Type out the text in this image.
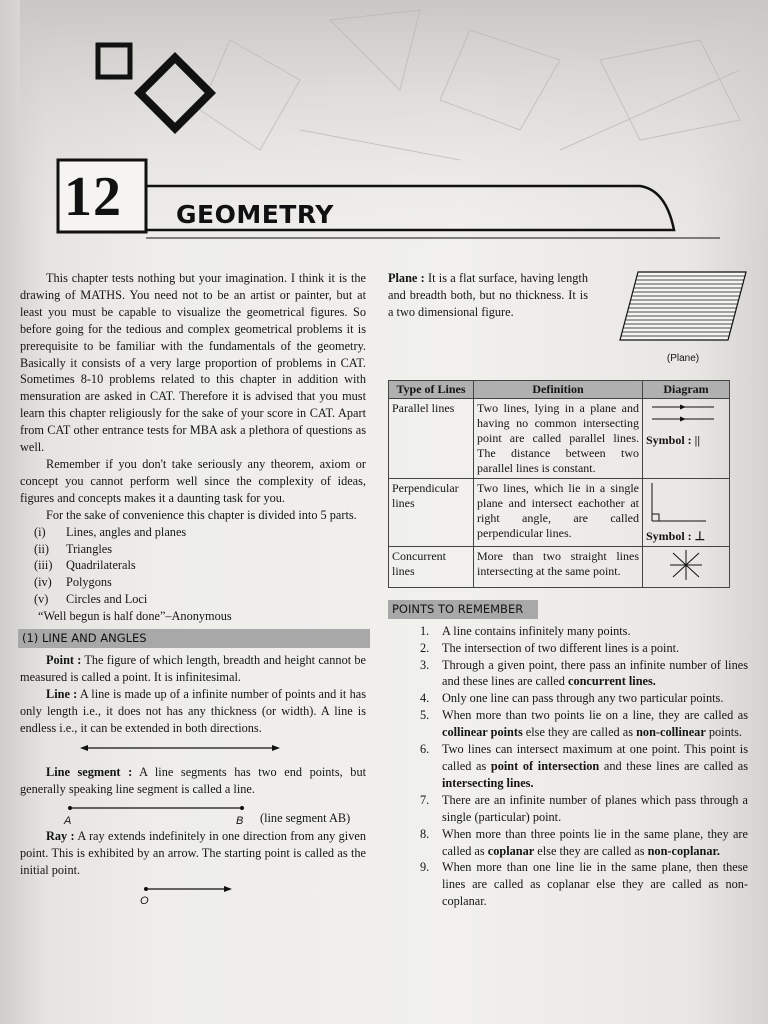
12 GEOMETRY

This chapter tests nothing but your imagination. I think it is the drawing of MATHS. You need not to be an artist or painter, but at least you must be capable to visualize the geometrical figures. So before going for the tedious and complex geometrical problems it is prerequisite to be familiar with the fundamentals of the geometry. Basically it consists of a very large proportion of problems in CAT. Sometimes 8-10 problems related to this chapter in addition with mensuration are asked in CAT. Therefore it is advised that you must learn this chapter religiously for the sake of your score in CAT. Apart from CAT other entrance tests for MBA ask a plethora of questions as well.

Remember if you don't take seriously any theorem, axiom or concept you cannot perform well since the complexity of ideas, figures and concepts makes it a daunting task for you.

For the sake of convenience this chapter is divided into 5 parts.

(i)	Lines, angles and planes
(ii)	Triangles
(iii) Quadrilaterals
(iv)	Polygons
(v)	Circles and Loci
“Well begun is half done”–Anonymous
(1) LINE AND ANGLES

Point : The figure of which length, breadth and height cannot be measured is called a point. It is infinitesimal.

Line : A line is made up of a infinite number of points and it has only length i.e., it does not has any thickness (or width). A line is endless i.e., it can be extended in both directions.

Line segment : A line segments has two end points, but generally speaking line segment is called a line.

A	B (line segment AB)

Ray : A ray extends indefinitely in one direction from any given point. This is exhibited by an arrow. The starting point is called as the initial point.

O

Plane : It is a flat surface, having length and breadth both, but no thickness. It is a two dimensional figure.

(Plane)
Type of Lines	Definition	Diagram
Parallel lines	Two lines, lying in a plane and having no common intersecting point are called parallel lines. The distance between two parallel lines is constant.	Symbol : ||

Perpendicular lines	Two lines, which lie in a single plane and intersect eachother at right angle, are called perpendicular lines.	Symbol : ⊥

Concurrent lines	More than two straight lines intersecting at the same point.	
POINTS TO REMEMBER
1.	A line contains infinitely many points.
2.	The intersection of two different lines is a point.
3.	Through a given point, there pass an infinite number of lines and these lines are called concurrent lines.
4.	Only one line can pass through any two particular points.
5.	When more than two points lie on a line, they are called as collinear points else they are called as non-collinear points.
6.	Two lines can intersect maximum at one point. This point is called as point of intersection and these lines are called as intersecting lines.
7.	There are an infinite number of planes which pass through a single (particular) point.
8.	When more than three points lie in the same plane, they are called as coplanar else they are called as non-coplanar.
9.	When more than one line lie in the same plane, then these lines are called as coplanar else they are called as non-coplanar.
